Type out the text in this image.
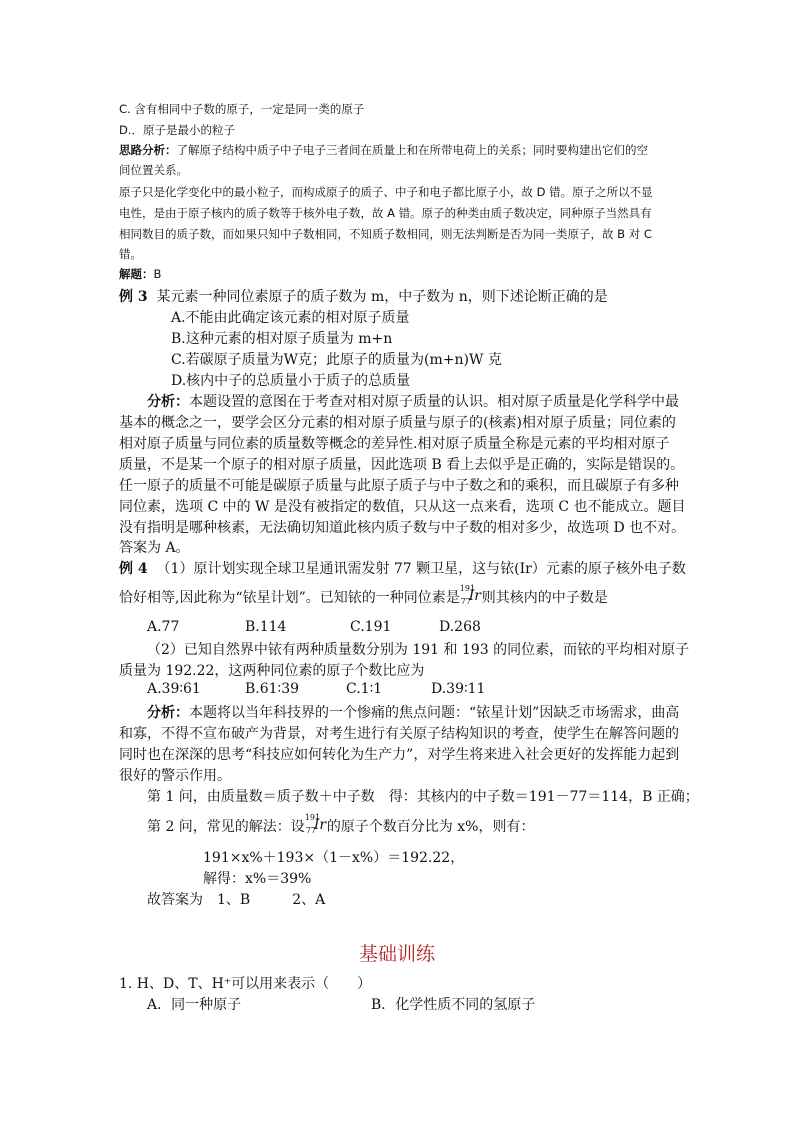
C. 含有相同中子数的原子，一定是同一类的原子
D.．原子是最小的粒子
思路分析：了解原子结构中质子中子电子三者间在质量上和在所带电荷上的关系；同时要构建出它们的空
间位置关系。
原子只是化学变化中的最小粒子，而构成原子的质子、中子和电子都比原子小，故 D 错。原子之所以不显
电性，是由于原子核内的质子数等于核外电子数，故 A 错。原子的种类由质子数决定，同种原子当然具有
相同数目的质子数，而如果只知中子数相同，不知质子数相同，则无法判断是否为同一类原子，故 B 对 C
错。
解题：B
例 3 某元素一种同位素原子的质子数为 m，中子数为 n，则下述论断正确的是
A.不能由此确定该元素的相对原子质量
B.这种元素的相对原子质量为 m+n
C.若碳原子质量为W克；此原子的质量为(m+n)W 克
D.核内中子的总质量小于质子的总质量
分析：本题设置的意图在于考查对相对原子质量的认识。相对原子质量是化学科学中最
基本的概念之一，要学会区分元素的相对原子质量与原子的(核素)相对原子质量；同位素的
相对原子质量与同位素的质量数等概念的差异性.相对原子质量全称是元素的平均相对原子
质量，不是某一个原子的相对原子质量，因此选项 B 看上去似乎是正确的，实际是错误的。
任一原子的质量不可能是碳原子质量与此原子质子与中子数之和的乘积，而且碳原子有多种
同位素，选项 C 中的 W 是没有被指定的数值，只从这一点来看，选项 C 也不能成立。题目
没有指明是哪种核素，无法确切知道此核内质子数与中子数的相对多少，故选项 D 也不对。
答案为 A。
例 4 （1）原计划实现全球卫星通讯需发射 77 颗卫星，这与铱(Ir）元素的原子核外电子数
恰好相等,因此称为“铱星计划”。已知铱的一种同位素是
191
77
Ir 则其核内的中子数是
A.77	B.114	C.191	D.268
（2）已知自然界中铱有两种质量数分别为 191 和 193 的同位素，而铱的平均相对原子
质量为 192.22，这两种同位素的原子个数比应为
A.39∶61	B.61∶39	C.1∶1	D.39∶11
分析：本题将以当年科技界的一个惨痛的焦点问题：“铱星计划”因缺乏市场需求，曲高
和寡，不得不宣布破产为背景，对考生进行有关原子结构知识的考查，使学生在解答问题的
同时也在深深的思考“科技应如何转化为生产力”，对学生将来进入社会更好的发挥能力起到
很好的警示作用。
第 1 问，由质量数＝质子数＋中子数　得：其核内的中子数＝191－77＝114，B 正确；
第 2 问，常见的解法：设
191
77
Ir 的原子个数百分比为 x%，则有：
191×x%＋193×（1－x%）＝192.22，
解得：x%＝39%
故答案为　1、B　　　2、A
基础训练
1. H、D、T、H⁺可以用来表示（　　）
A．同一种原子	B．化学性质不同的氢原子
